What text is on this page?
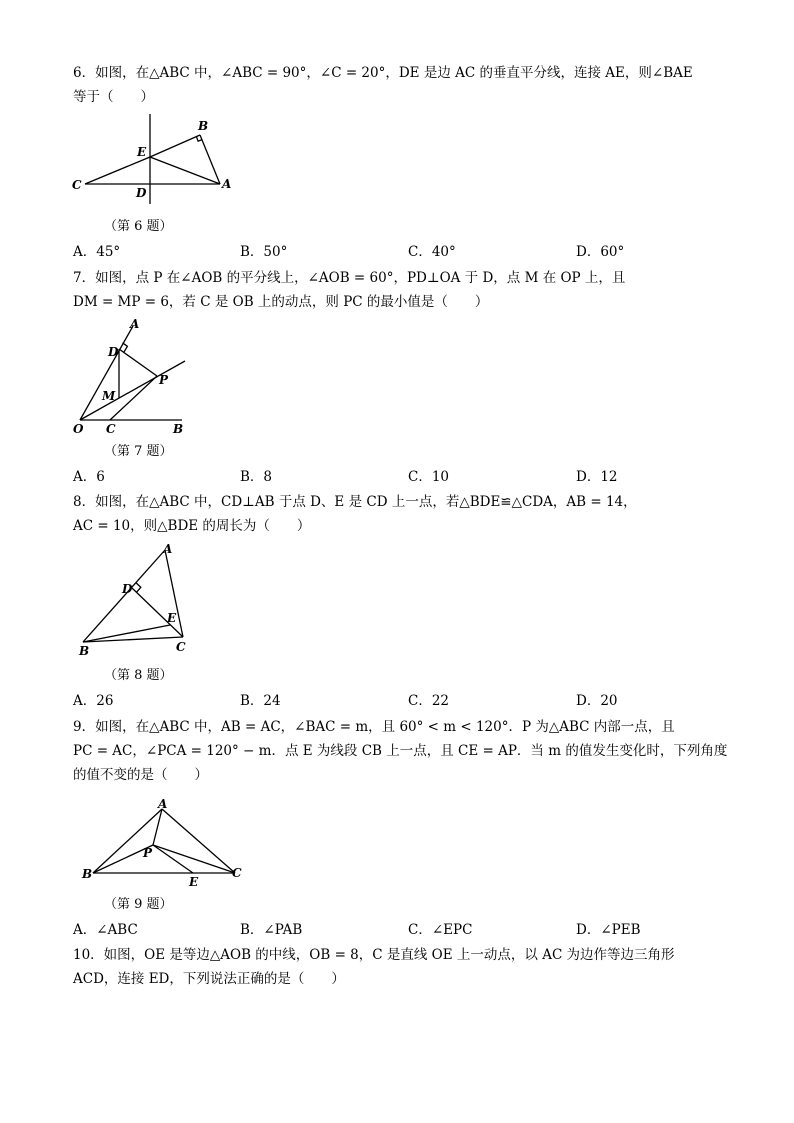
6．如图，在△ABC 中，∠ABC = 90°，∠C = 20°，DE 是边 AC 的垂直平分线，连接 AE，则∠BAE
等于（　　）
B
E
C
D
A
（第 6 题）
A．45°	B．50°	C．40°	D．60°
7．如图，点 P 在∠AOB 的平分线上，∠AOB = 60°，PD⊥OA 于 D，点 M 在 OP 上，且
DM = MP = 6，若 C 是 OB 上的动点，则 PC 的最小值是（　　）
A
D
P
M
O C	B
（第 7 题）
A．6	B．8	C．10	D．12
8．如图，在△ABC 中，CD⊥AB 于点 D、E 是 CD 上一点，若△BDE≌△CDA，AB = 14，
AC = 10，则△BDE 的周长为（　　）
A
D
E
B	C
（第 8 题）
A．26	B．24	C．22	D．20
9．如图，在△ABC 中，AB = AC，∠BAC = m，且 60° < m < 120°．P 为△ABC 内部一点，且
PC = AC，∠PCA = 120° − m．点 E 为线段 CB 上一点，且 CE = AP．当 m 的值发生变化时，下列角度
的值不变的是（　　）
A
P
B
E
C
（第 9 题）
A．∠ABC	B．∠PAB	C．∠EPC	D．∠PEB
10．如图，OE 是等边△AOB 的中线，OB = 8，C 是直线 OE 上一动点，以 AC 为边作等边三角形
ACD，连接 ED，下列说法正确的是（　　）
